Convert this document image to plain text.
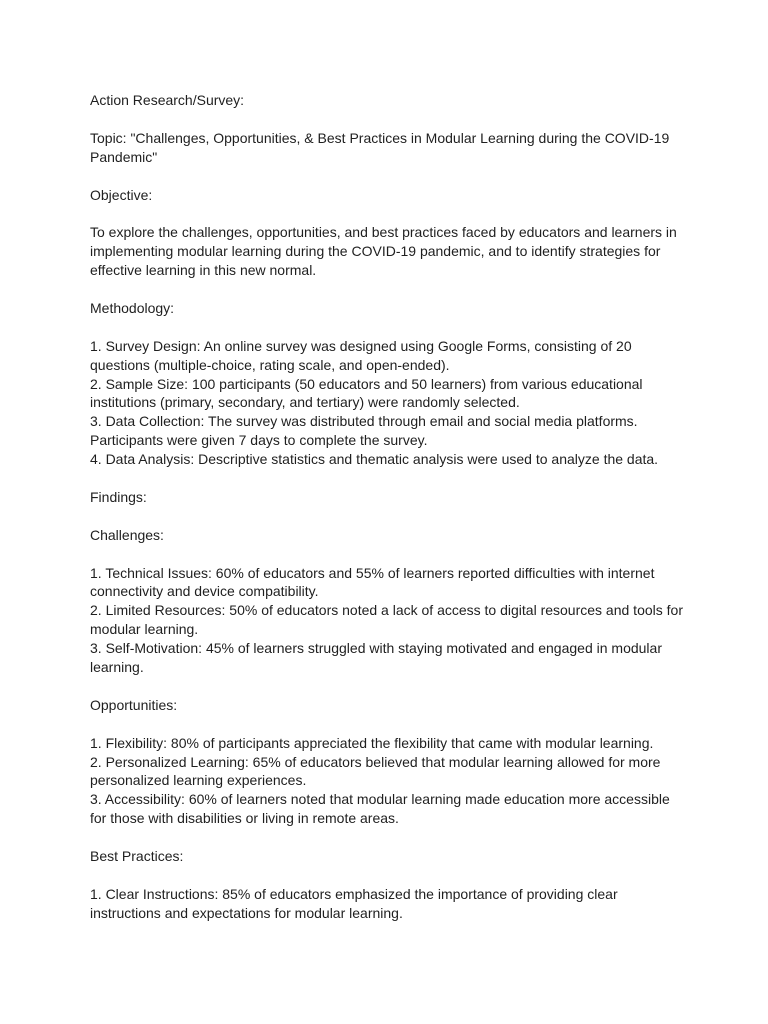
Action Research/Survey:

Topic: "Challenges, Opportunities, & Best Practices in Modular Learning during the COVID-19 Pandemic"

Objective:

To explore the challenges, opportunities, and best practices faced by educators and learners in implementing modular learning during the COVID-19 pandemic, and to identify strategies for effective learning in this new normal.

Methodology:

1. Survey Design: An online survey was designed using Google Forms, consisting of 20 questions (multiple-choice, rating scale, and open-ended).

2. Sample Size: 100 participants (50 educators and 50 learners) from various educational institutions (primary, secondary, and tertiary) were randomly selected.

3. Data Collection: The survey was distributed through email and social media platforms. Participants were given 7 days to complete the survey.

4. Data Analysis: Descriptive statistics and thematic analysis were used to analyze the data.

Findings:

Challenges:

1. Technical Issues: 60% of educators and 55% of learners reported difficulties with internet connectivity and device compatibility.

2. Limited Resources: 50% of educators noted a lack of access to digital resources and tools for modular learning.

3. Self-Motivation: 45% of learners struggled with staying motivated and engaged in modular learning.

Opportunities:

1. Flexibility: 80% of participants appreciated the flexibility that came with modular learning.

2. Personalized Learning: 65% of educators believed that modular learning allowed for more personalized learning experiences.

3. Accessibility: 60% of learners noted that modular learning made education more accessible for those with disabilities or living in remote areas.

Best Practices:

1. Clear Instructions: 85% of educators emphasized the importance of providing clear instructions and expectations for modular learning.
